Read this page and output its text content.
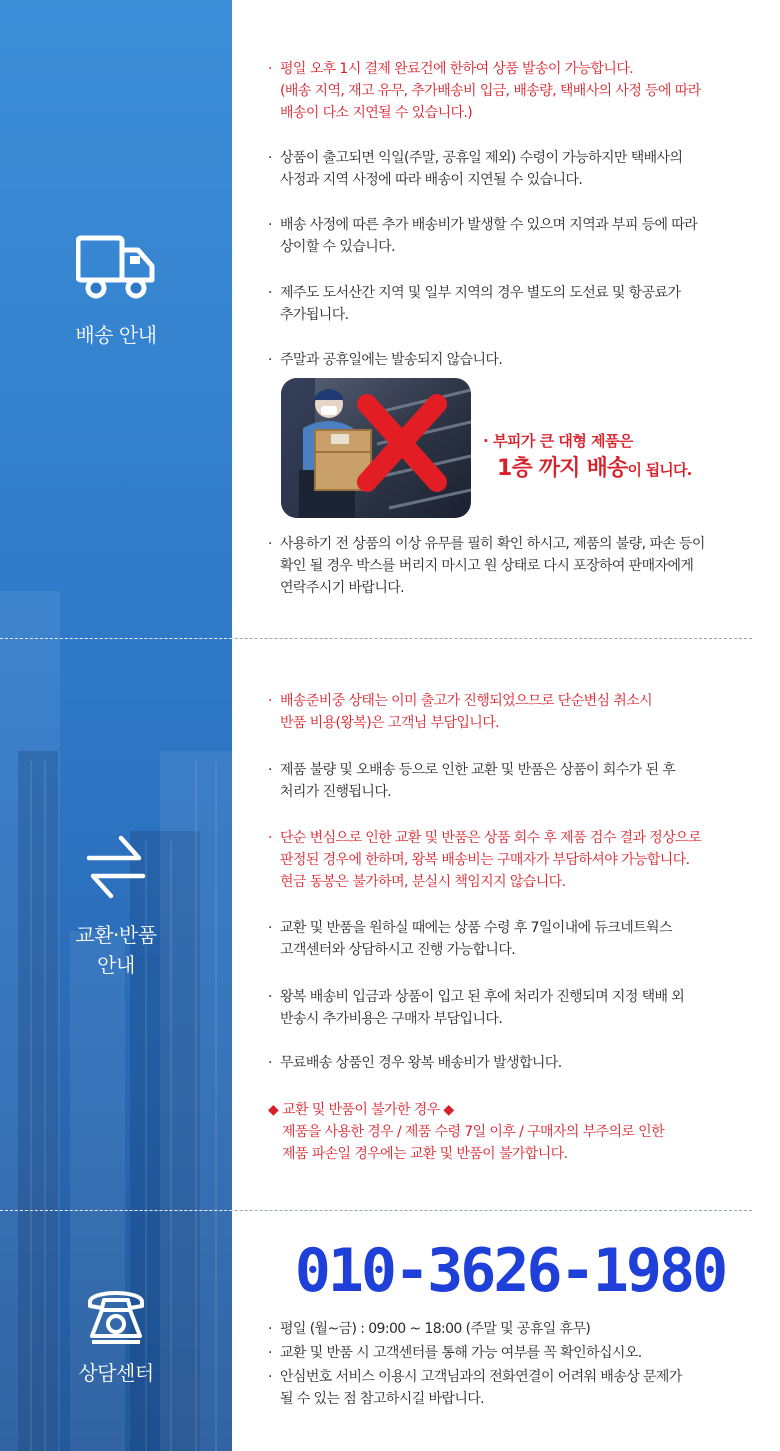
배송 안내
교환·반품
안내
상담센터
· 평일 오후 1시 결제 완료건에 한하여 상품 발송이 가능합니다.
(배송 지역, 재고 유무, 추가배송비 입금, 배송량, 택배사의 사정 등에 따라
배송이 다소 지연될 수 있습니다.)
· 상품이 출고되면 익일(주말, 공휴일 제외) 수령이 가능하지만 택배사의
사정과 지역 사정에 따라 배송이 지연될 수 있습니다.
· 배송 사정에 따른 추가 배송비가 발생할 수 있으며 지역과 부피 등에 따라
상이할 수 있습니다.
· 제주도 도서산간 지역 및 일부 지역의 경우 별도의 도선료 및 항공료가
추가됩니다.
· 주말과 공휴일에는 발송되지 않습니다.
· 부피가 큰 대형 제품은
1층 까지 배송이 됩니다.
· 사용하기 전 상품의 이상 유무를 필히 확인 하시고, 제품의 불량, 파손 등이
확인 될 경우 박스를 버리지 마시고 원 상태로 다시 포장하여 판매자에게
연락주시기 바랍니다.
· 배송준비중 상태는 이미 출고가 진행되었으므로 단순변심 취소시
반품 비용(왕복)은 고객님 부담입니다.
· 제품 불량 및 오배송 등으로 인한 교환 및 반품은 상품이 회수가 된 후
처리가 진행됩니다.
· 단순 변심으로 인한 교환 및 반품은 상품 회수 후 제품 검수 결과 정상으로
판정된 경우에 한하며, 왕복 배송비는 구매자가 부담하셔야 가능합니다.
현금 동봉은 불가하며, 분실시 책임지지 않습니다.
· 교환 및 반품을 원하실 때에는 상품 수령 후 7일이내에 듀크네트웍스
고객센터와 상담하시고 진행 가능합니다.
· 왕복 배송비 입금과 상품이 입고 된 후에 처리가 진행되며 지정 택배 외
반송시 추가비용은 구매자 부담입니다.
· 무료배송 상품인 경우 왕복 배송비가 발생합니다.
◆ 교환 및 반품이 불가한 경우 ◆
제품을 사용한 경우 / 제품 수령 7일 이후 / 구매자의 부주의로 인한
제품 파손일 경우에는 교환 및 반품이 불가합니다.
010-3626-1980
· 평일 (월~금) : 09:00 ~ 18:00 (주말 및 공휴일 휴무)
· 교환 및 반품 시 고객센터를 통해 가능 여부를 꼭 확인하십시오.
· 안심번호 서비스 이용시 고객님과의 전화연결이 어려워 배송상 문제가
될 수 있는 점 참고하시길 바랍니다.
